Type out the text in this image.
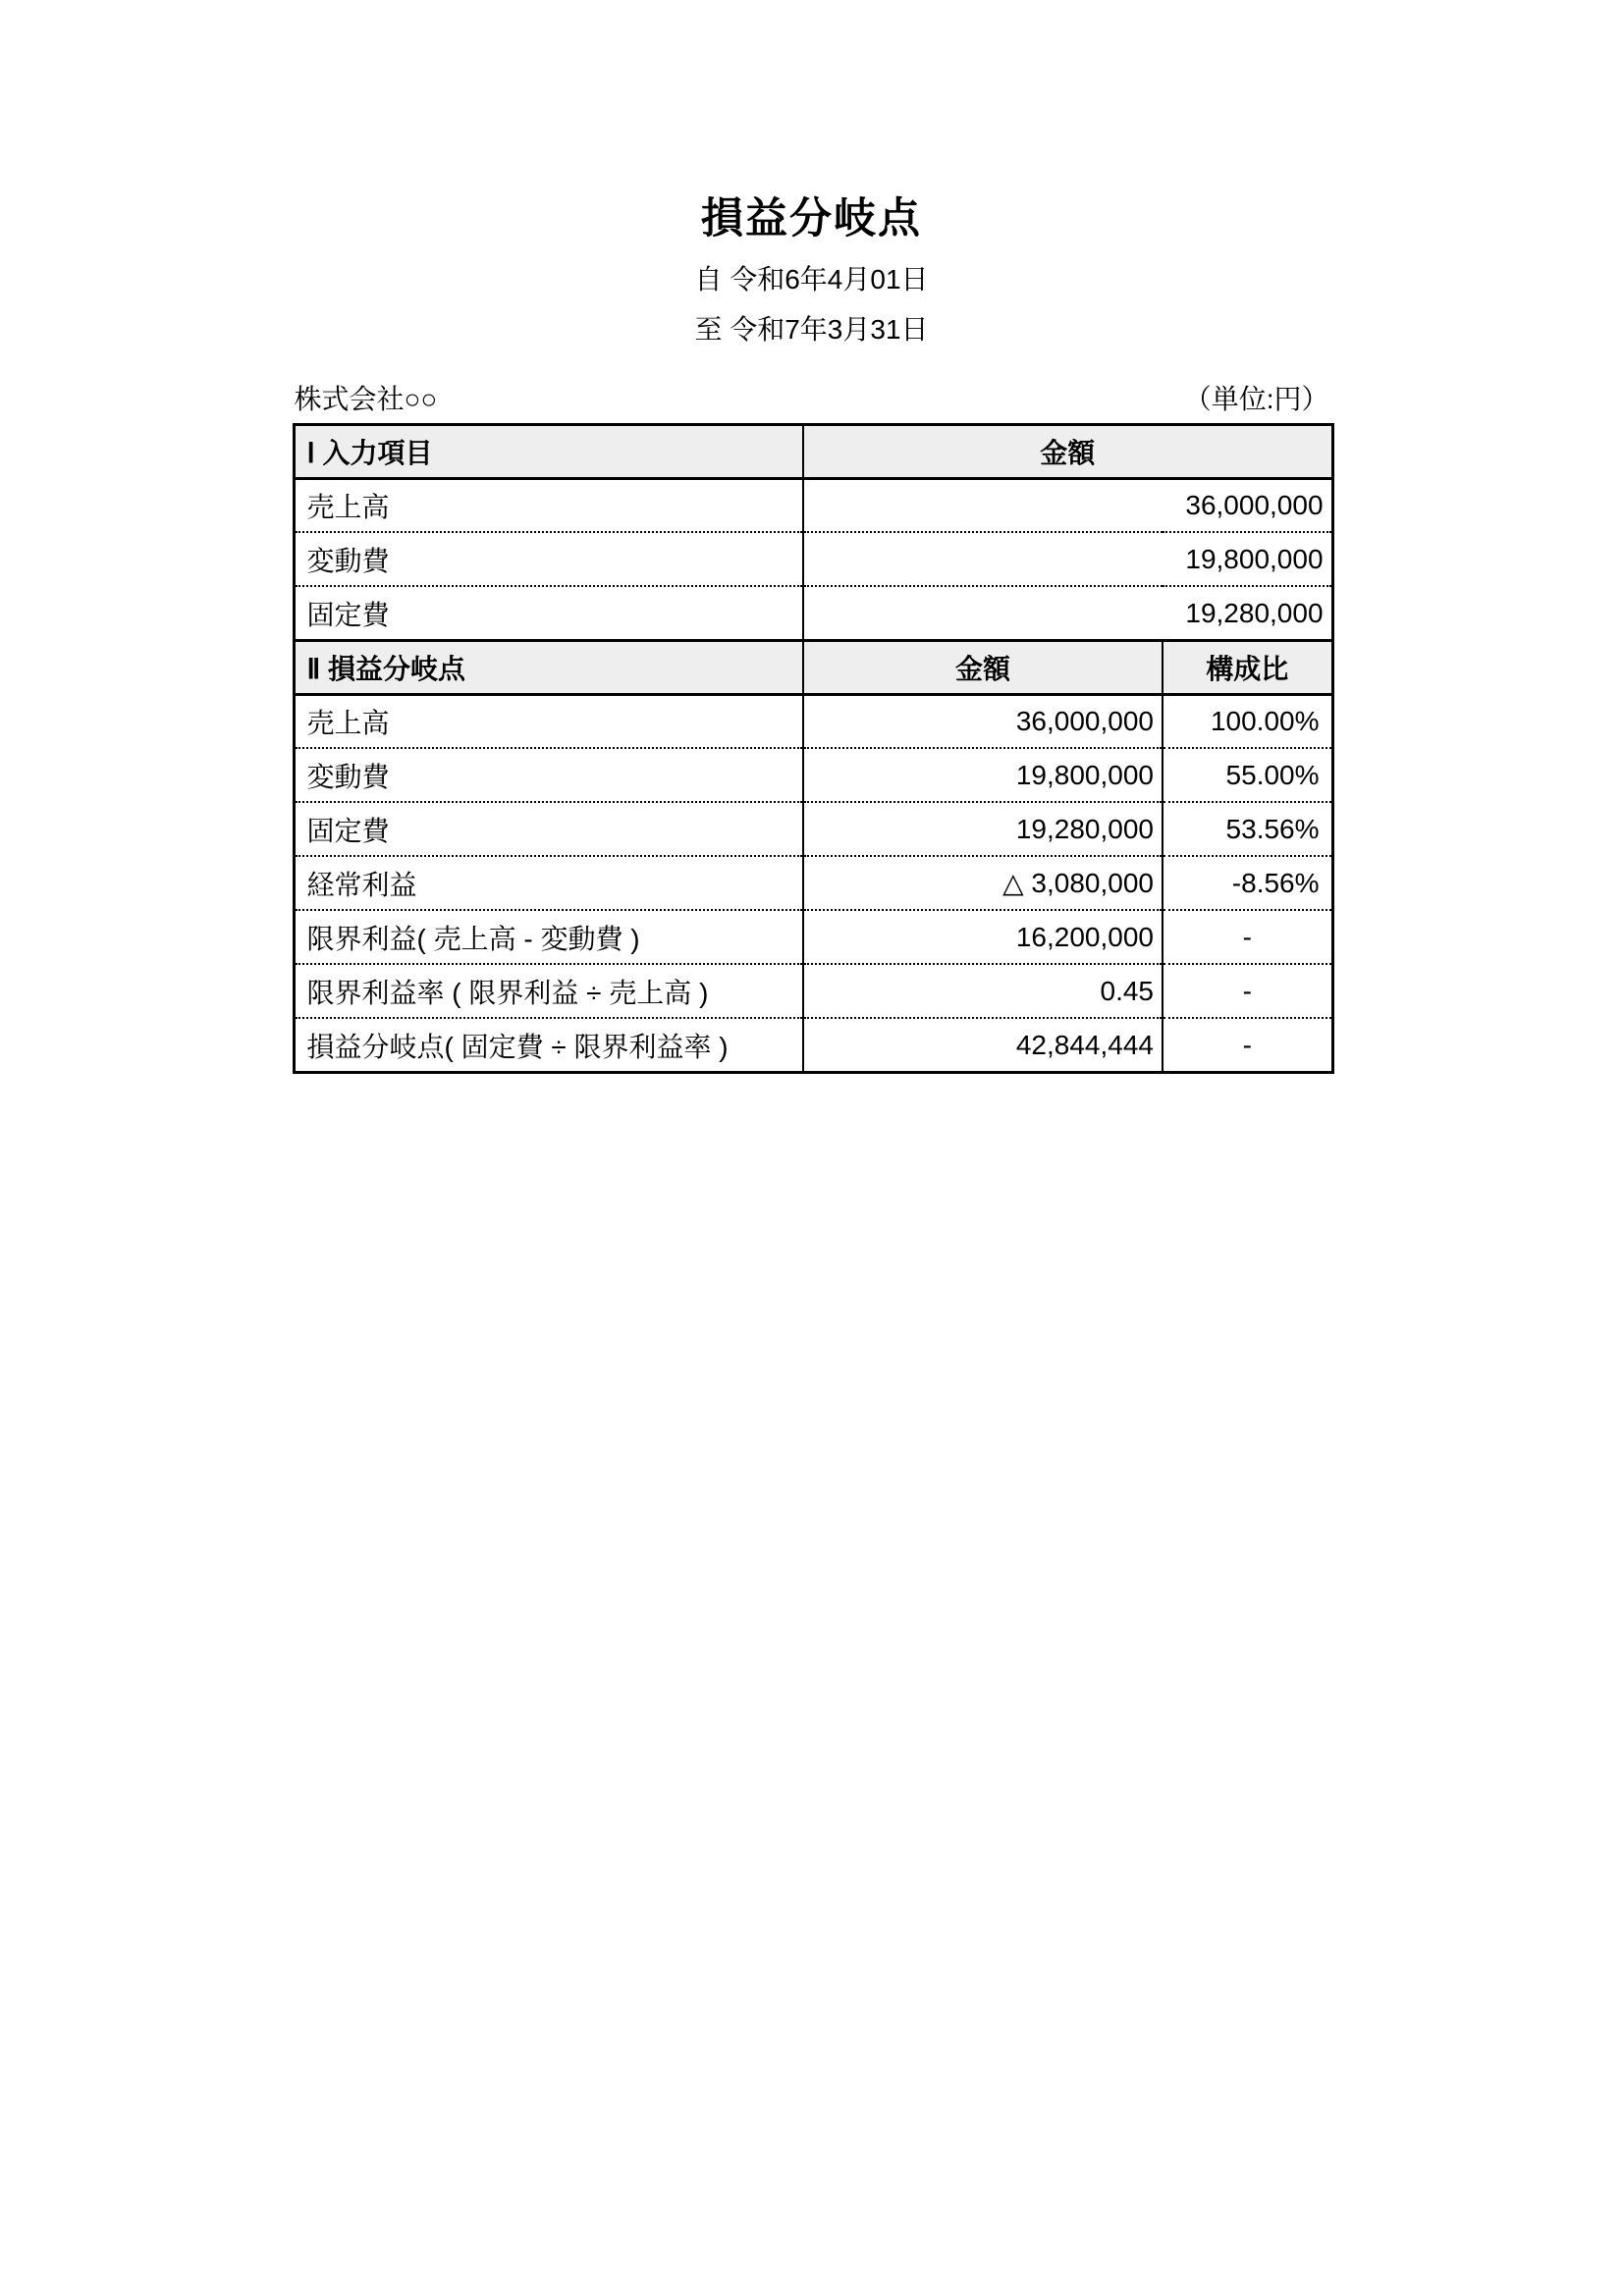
損益分岐点
自 令和6年4月01日
至 令和7年3月31日
株式会社○○	（単位:円）
Ⅰ 入力項目	金額	
売上高	36,000,000	
変動費	19,800,000	
固定費	19,280,000	
Ⅱ 損益分岐点	金額	構成比
売上高	36,000,000	100.00%
変動費	19,800,000	55.00%
固定費	19,280,000	53.56%
経常利益	△ 3,080,000	-8.56%
限界利益( 売上高 - 変動費 )	16,200,000	-
限界利益率 ( 限界利益 ÷ 売上高 )	0.45	-
損益分岐点( 固定費 ÷ 限界利益率 )	42,844,444	-
